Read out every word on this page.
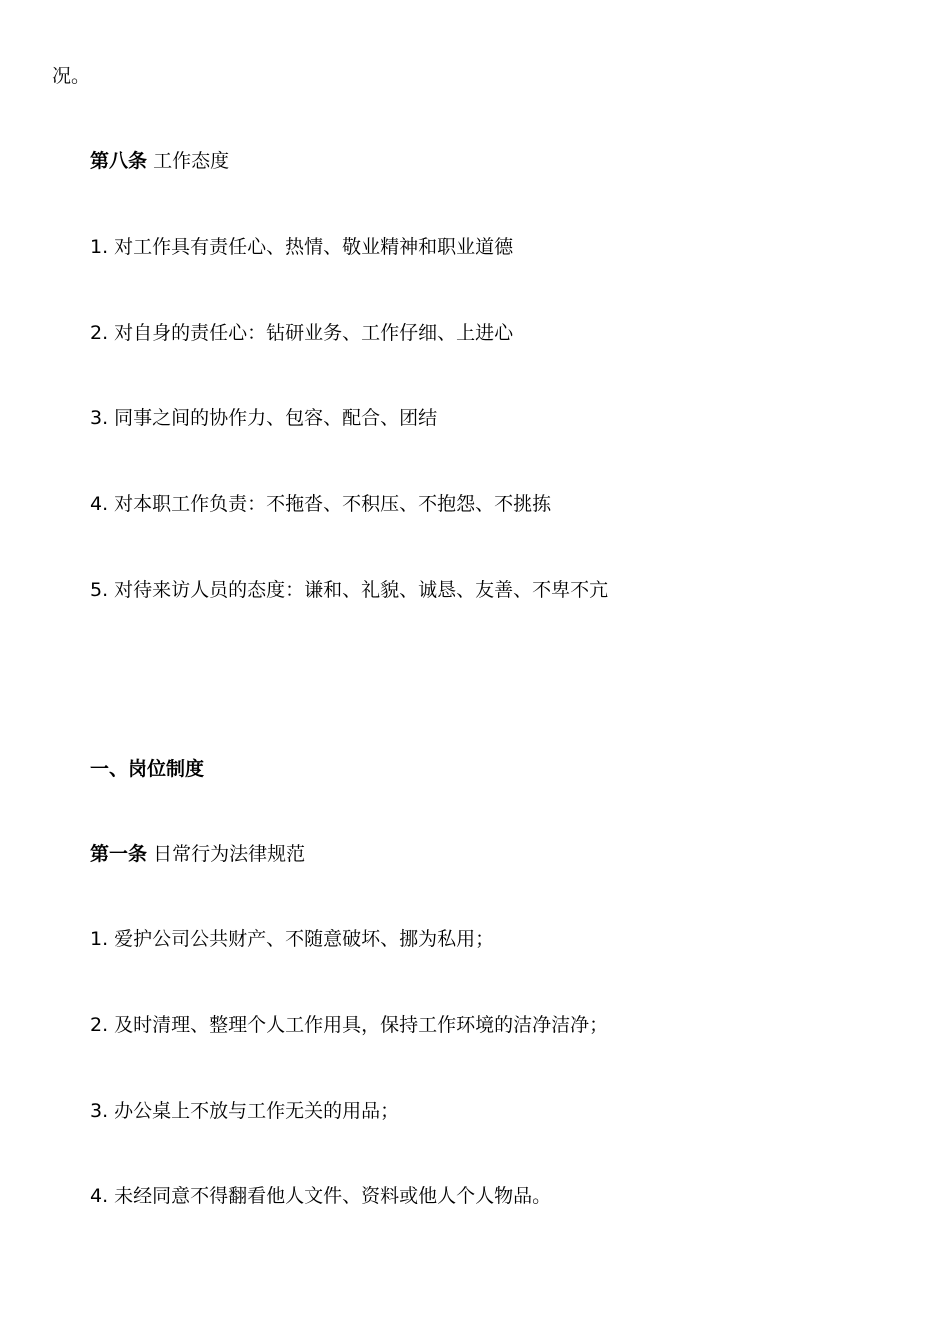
况。
第八条 工作态度
1. 对工作具有责任心、热情、敬业精神和职业道德
2. 对自身的责任心：钻研业务、工作仔细、上进心
3. 同事之间的协作力、包容、配合、团结
4. 对本职工作负责：不拖沓、不积压、不抱怨、不挑拣
5. 对待来访人员的态度：谦和、礼貌、诚恳、友善、不卑不亢
一、岗位制度
第一条 日常行为法律规范
1. 爱护公司公共财产、不随意破坏、挪为私用；
2. 及时清理、整理个人工作用具，保持工作环境的洁净洁净；
3. 办公桌上不放与工作无关的用品；
4. 未经同意不得翻看他人文件、资料或他人个人物品。
